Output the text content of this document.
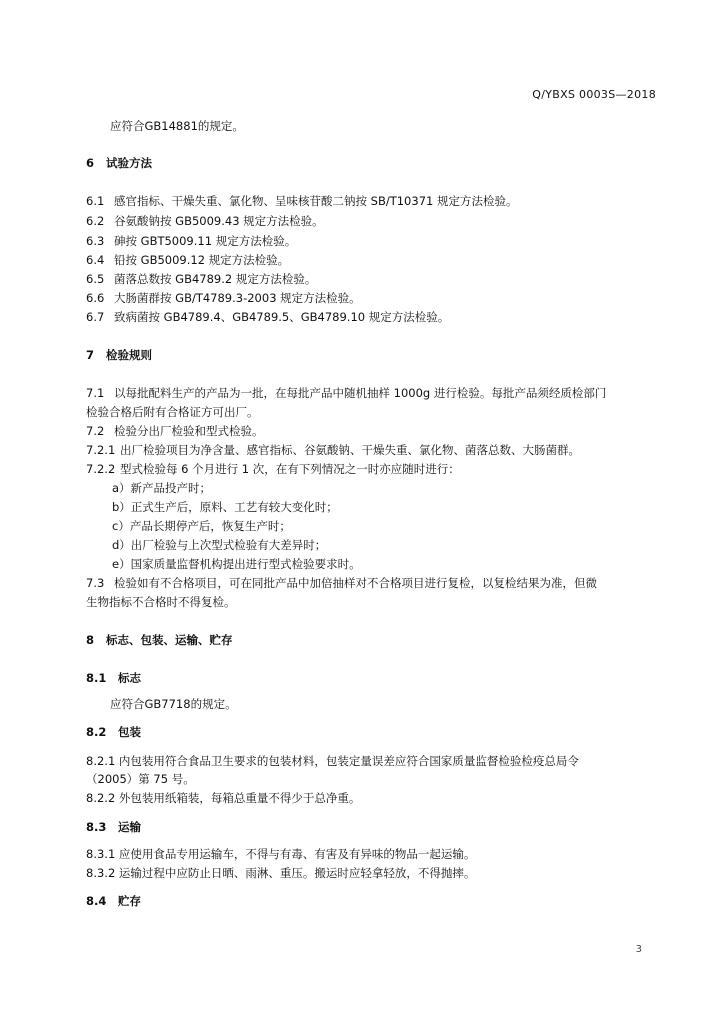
Q/YBXS 0003S—2018
应符合GB14881的规定。
6 试验方法
6.1 感官指标、干燥失重、氯化物、呈味核苷酸二钠按 SB/T10371 规定方法检验。
6.2 谷氨酸钠按 GB5009.43 规定方法检验。
6.3 砷按 GBT5009.11 规定方法检验。
6.4 铅按 GB5009.12 规定方法检验。
6.5 菌落总数按 GB4789.2 规定方法检验。
6.6 大肠菌群按 GB/T4789.3-2003 规定方法检验。
6.7 致病菌按 GB4789.4、GB4789.5、GB4789.10 规定方法检验。
7 检验规则
7.1 以每批配料生产的产品为一批，在每批产品中随机抽样 1000g 进行检验。每批产品须经质检部门
检验合格后附有合格证方可出厂。
7.2 检验分出厂检验和型式检验。
7.2.1 出厂检验项目为净含量、感官指标、谷氨酸钠、干燥失重、氯化物、菌落总数、大肠菌群。
7.2.2 型式检验每 6 个月进行 1 次，在有下列情况之一时亦应随时进行：
a）新产品投产时；
b）正式生产后，原料、工艺有较大变化时；
c）产品长期停产后，恢复生产时；
d）出厂检验与上次型式检验有大差异时；
e）国家质量监督机构提出进行型式检验要求时。
7.3 检验如有不合格项目，可在同批产品中加倍抽样对不合格项目进行复检，以复检结果为准，但微
生物指标不合格时不得复检。
8 标志、包装、运输、贮存
8.1 标志
应符合GB7718的规定。
8.2 包装
8.2.1 内包装用符合食品卫生要求的包装材料，包装定量误差应符合国家质量监督检验检疫总局令
（2005）第 75 号。
8.2.2 外包装用纸箱装，每箱总重量不得少于总净重。
8.3 运输
8.3.1 应使用食品专用运输车，不得与有毒、有害及有异味的物品一起运输。
8.3.2 运输过程中应防止日晒、雨淋、重压。搬运时应轻拿轻放，不得抛摔。
8.4 贮存
3
